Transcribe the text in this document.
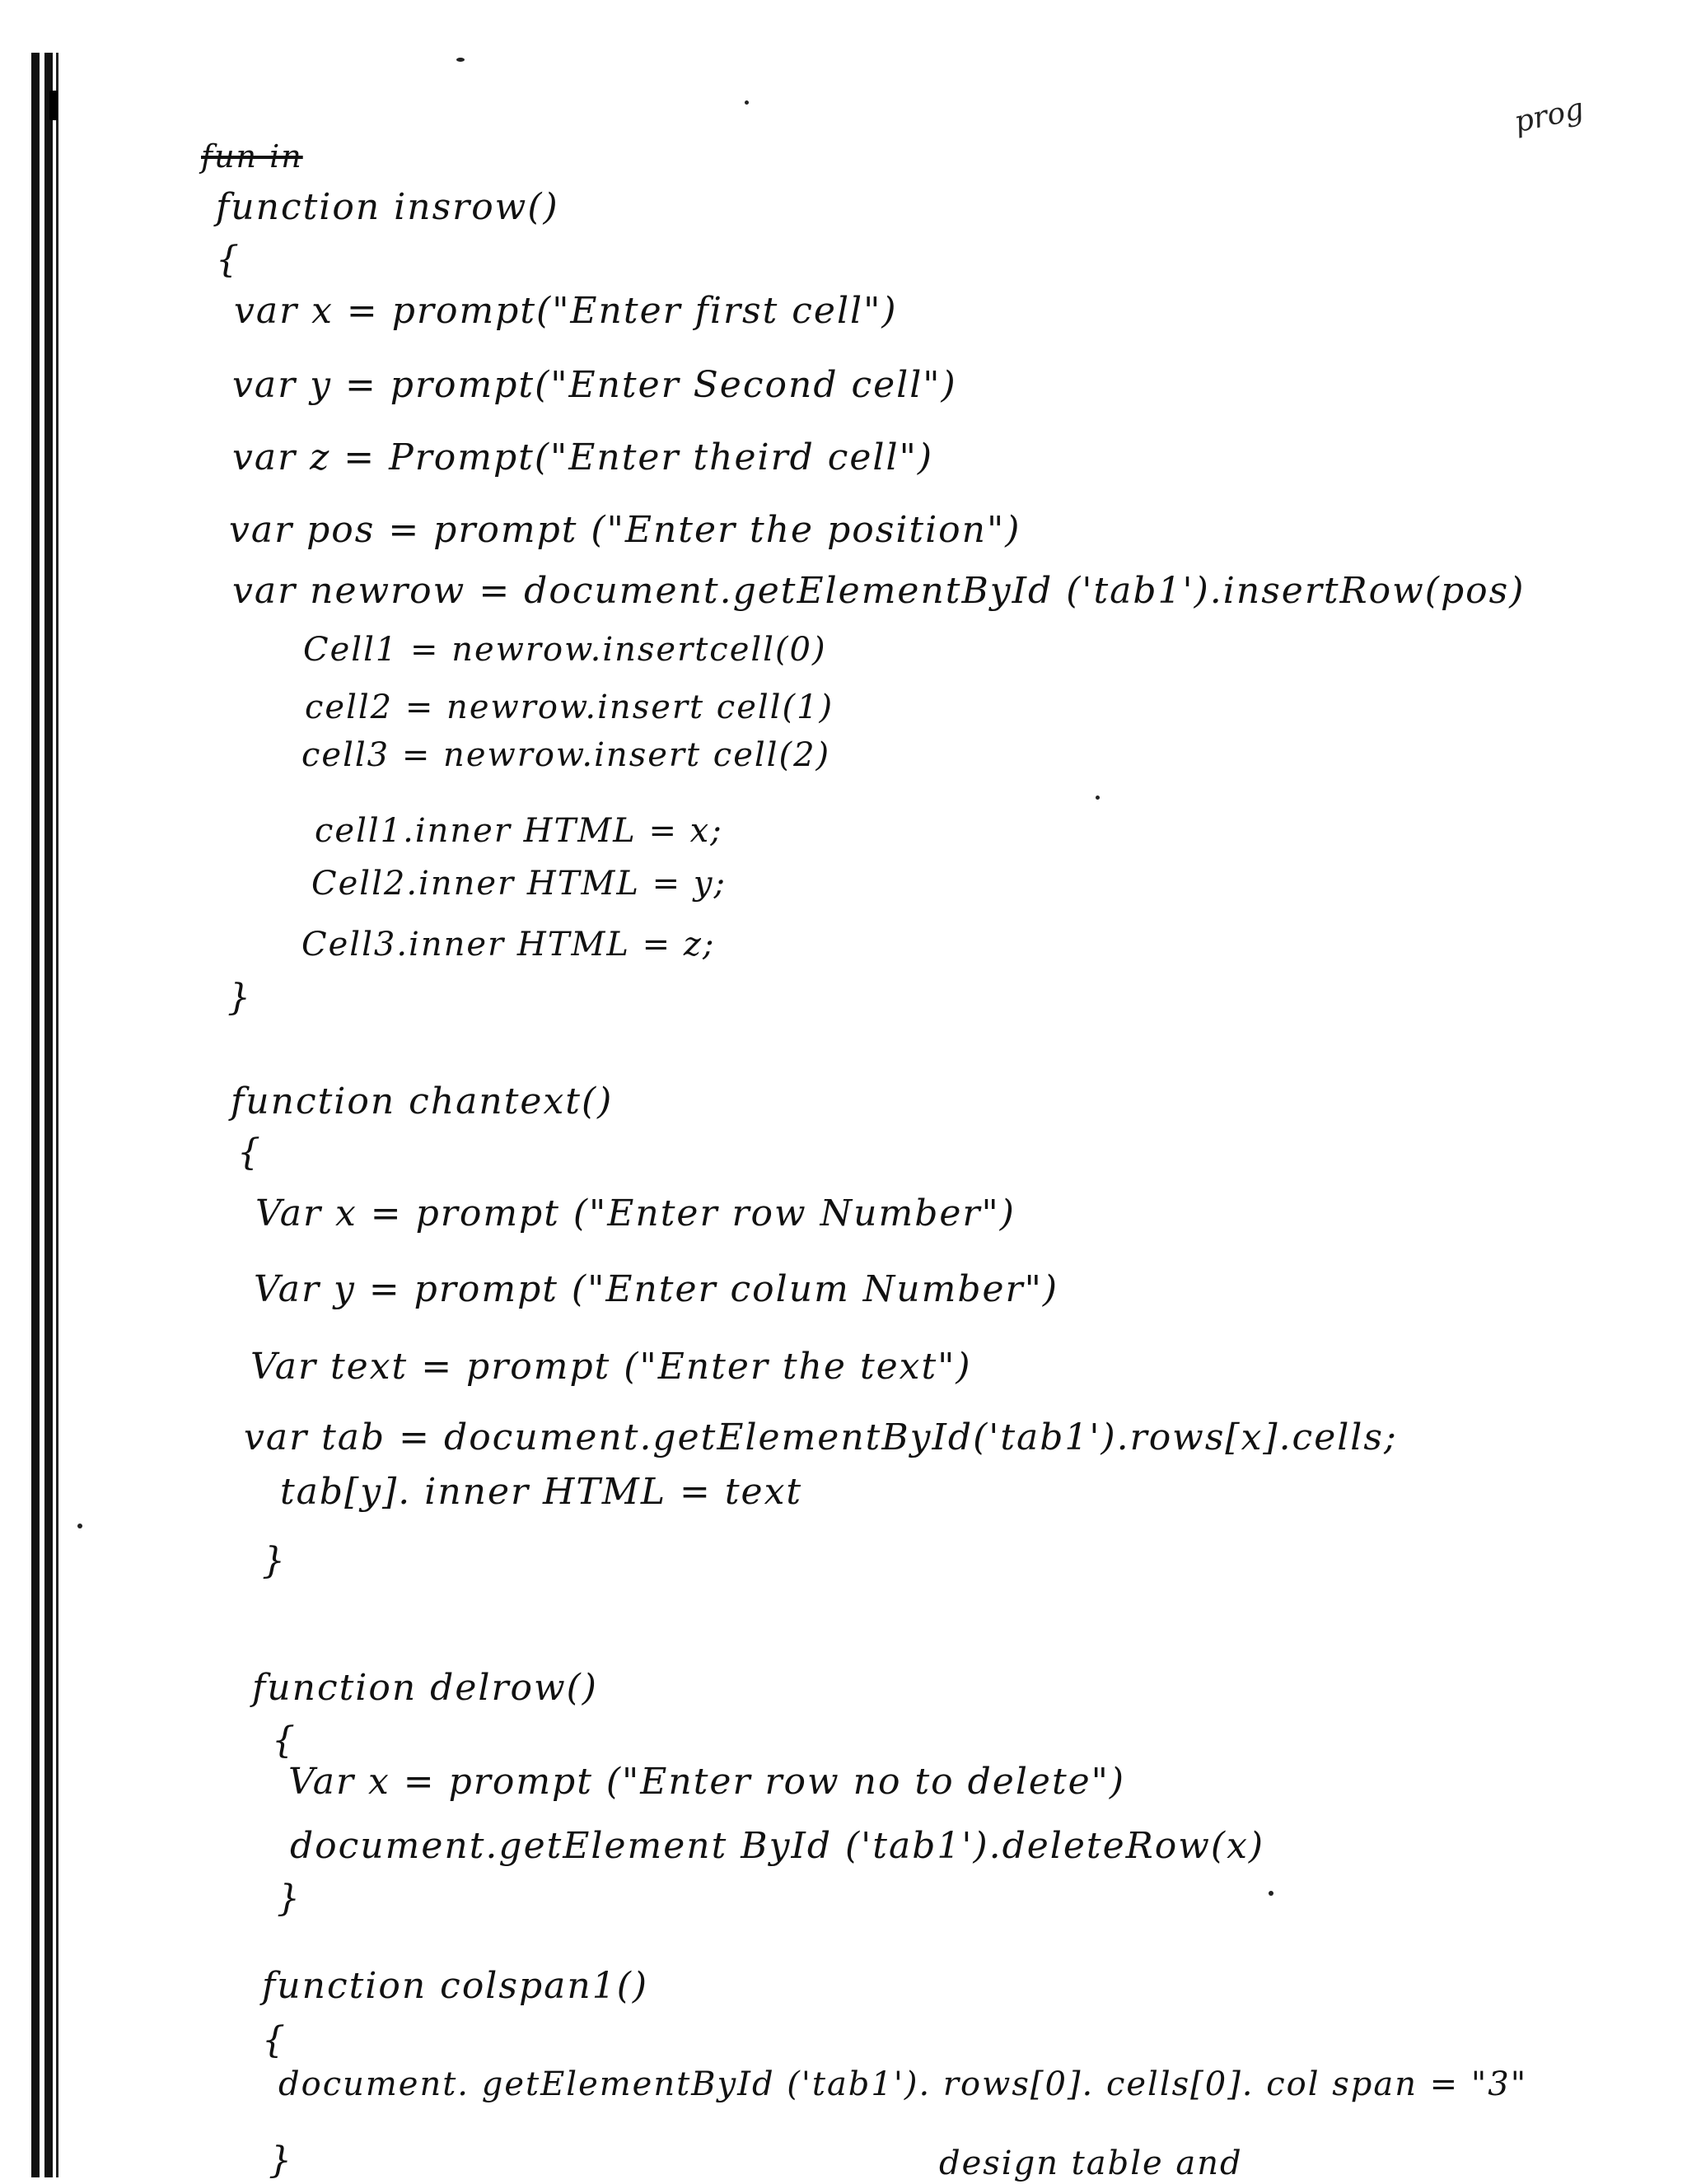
prog
fun in
function insrow()
{
var x = prompt("Enter first cell")
var y = prompt("Enter Second cell")
var z = Prompt("Enter theird cell")
var pos = prompt ("Enter the position")
var newrow = document.getElementById ('tab1').insertRow(pos)
Cell1 = newrow.insertcell(0)
cell2 = newrow.insert cell(1)
cell3 = newrow.insert cell(2)
cell1.inner HTML = x;
Cell2.inner HTML = y;
Cell3.inner HTML = z;
}
function chantext()
{
Var x = prompt ("Enter row Number")
Var y = prompt ("Enter colum Number")
Var text = prompt ("Enter the text")
var tab = document.getElementById('tab1').rows[x].cells;
tab[y]. inner HTML = text
}
function delrow()
{
Var x = prompt ("Enter row no to delete")
document.getElement ById ('tab1').deleteRow(x)
}
function colspan1()
{
document. getElementById ('tab1'). rows[0]. cells[0]. col span = "3"
}	design table and
